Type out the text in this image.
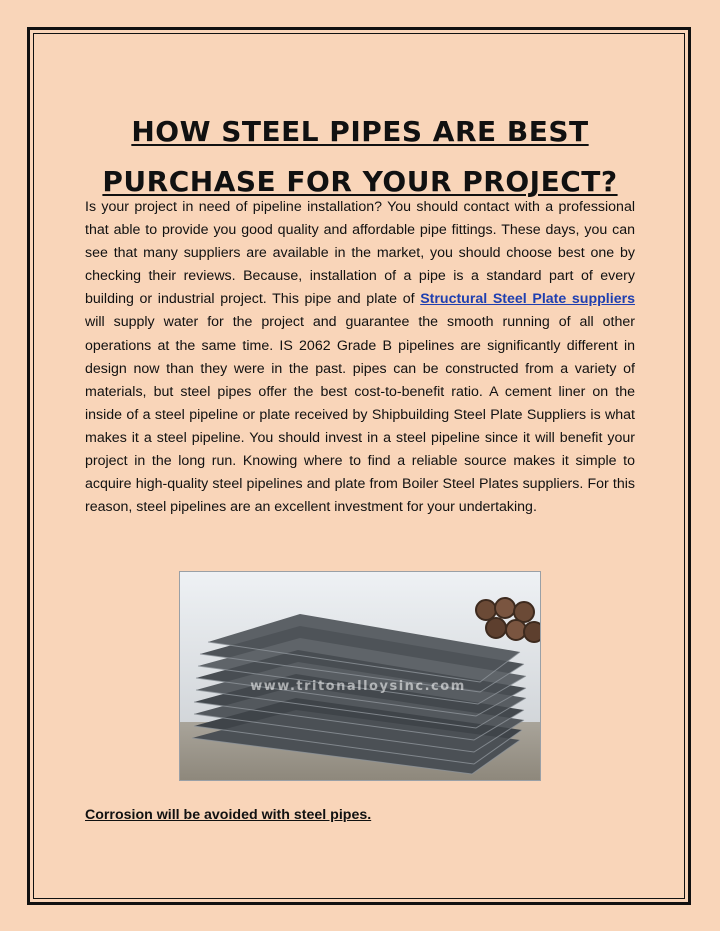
HOW STEEL PIPES ARE BEST
PURCHASE FOR YOUR PROJECT?

Is your project in need of pipeline installation? You should contact with a professional that able to provide you good quality and affordable pipe fittings. These days, you can see that many suppliers are available in the market, you should choose best one by checking their reviews. Because, installation of a pipe is a standard part of every building or industrial project. This pipe and plate of Structural Steel Plate suppliers will supply water for the project and guarantee the smooth running of all other operations at the same time. IS 2062 Grade B pipelines are significantly different in design now than they were in the past. pipes can be constructed from a variety of materials, but steel pipes offer the best cost-to-benefit ratio. A cement liner on the inside of a steel pipeline or plate received by Shipbuilding Steel Plate Suppliers is what makes it a steel pipeline. You should invest in a steel pipeline since it will benefit your project in the long run. Knowing where to find a reliable source makes it simple to acquire high-quality steel pipelines and plate from Boiler Steel Plates suppliers. For this reason, steel pipelines are an excellent investment for your undertaking.

www.tritonalloysinc.com
Corrosion will be avoided with steel pipes.
